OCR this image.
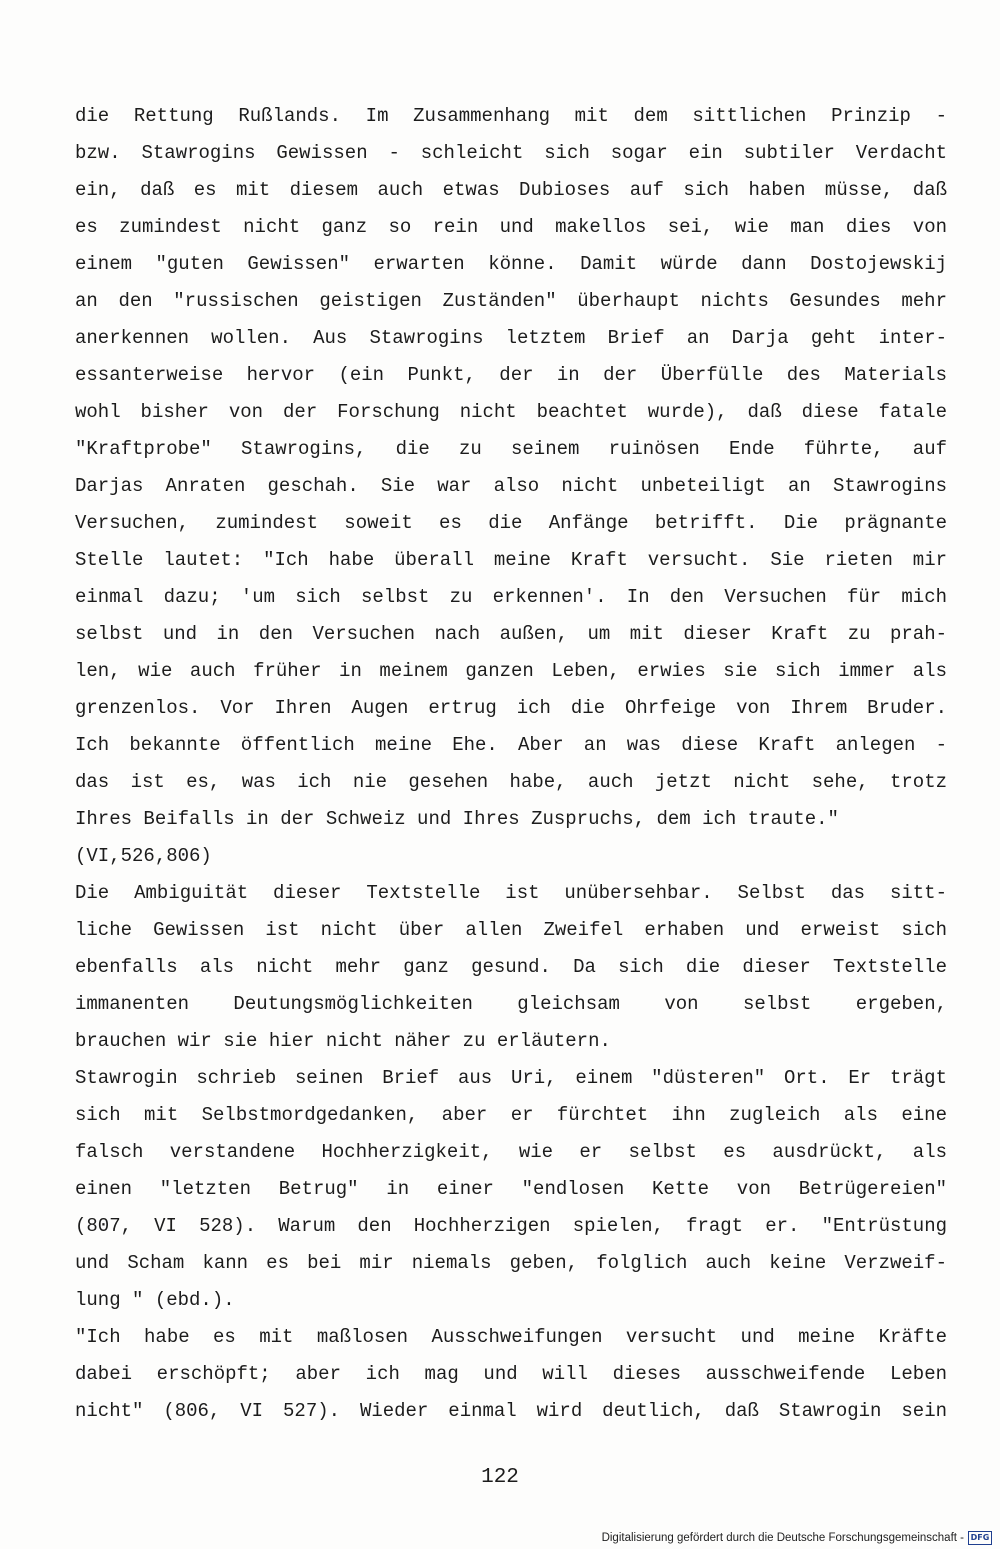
die Rettung Rußlands. Im Zusammenhang mit dem sittlichen Prinzip -
bzw. Stawrogins Gewissen - schleicht sich sogar ein subtiler Verdacht
ein, daß es mit diesem auch etwas Dubioses auf sich haben müsse, daß
es zumindest nicht ganz so rein und makellos sei, wie man dies von
einem "guten Gewissen" erwarten könne. Damit würde dann Dostojewskij
an den "russischen geistigen Zuständen" überhaupt nichts Gesundes mehr
anerkennen wollen. Aus Stawrogins letztem Brief an Darja geht inter-
essanterweise hervor (ein Punkt, der in der Überfülle des Materials
wohl bisher von der Forschung nicht beachtet wurde), daß diese fatale
"Kraftprobe" Stawrogins, die zu seinem ruinösen Ende führte, auf
Darjas Anraten geschah. Sie war also nicht unbeteiligt an Stawrogins
Versuchen, zumindest soweit es die Anfänge betrifft. Die prägnante
Stelle lautet: "Ich habe überall meine Kraft versucht. Sie rieten mir
einmal dazu; 'um sich selbst zu erkennen'. In den Versuchen für mich
selbst und in den Versuchen nach außen, um mit dieser Kraft zu prah-
len, wie auch früher in meinem ganzen Leben, erwies sie sich immer als
grenzenlos. Vor Ihren Augen ertrug ich die Ohrfeige von Ihrem Bruder.
Ich bekannte öffentlich meine Ehe. Aber an was diese Kraft anlegen -
das ist es, was ich nie gesehen habe, auch jetzt nicht sehe, trotz
Ihres Beifalls in der Schweiz und Ihres Zuspruchs, dem ich traute."
(VI,526,806)
Die Ambiguität dieser Textstelle ist unübersehbar. Selbst das sitt-
liche Gewissen ist nicht über allen Zweifel erhaben und erweist sich
ebenfalls als nicht mehr ganz gesund. Da sich die dieser Textstelle
immanenten Deutungsmöglichkeiten gleichsam von selbst ergeben,
brauchen wir sie hier nicht näher zu erläutern.
Stawrogin schrieb seinen Brief aus Uri, einem "düsteren" Ort. Er trägt
sich mit Selbstmordgedanken, aber er fürchtet ihn zugleich als eine
falsch verstandene Hochherzigkeit, wie er selbst es ausdrückt, als
einen "letzten Betrug" in einer "endlosen Kette von Betrügereien"
(807, VI 528). Warum den Hochherzigen spielen, fragt er. "Entrüstung
und Scham kann es bei mir niemals geben, folglich auch keine Verzweif-
lung " (ebd.).
"Ich habe es mit maßlosen Ausschweifungen versucht und meine Kräfte
dabei erschöpft; aber ich mag und will dieses ausschweifende Leben
nicht" (806, VI 527). Wieder einmal wird deutlich, daß Stawrogin sein
122
Digitalisierung gefördert durch die Deutsche Forschungsgemeinschaft - DFG
